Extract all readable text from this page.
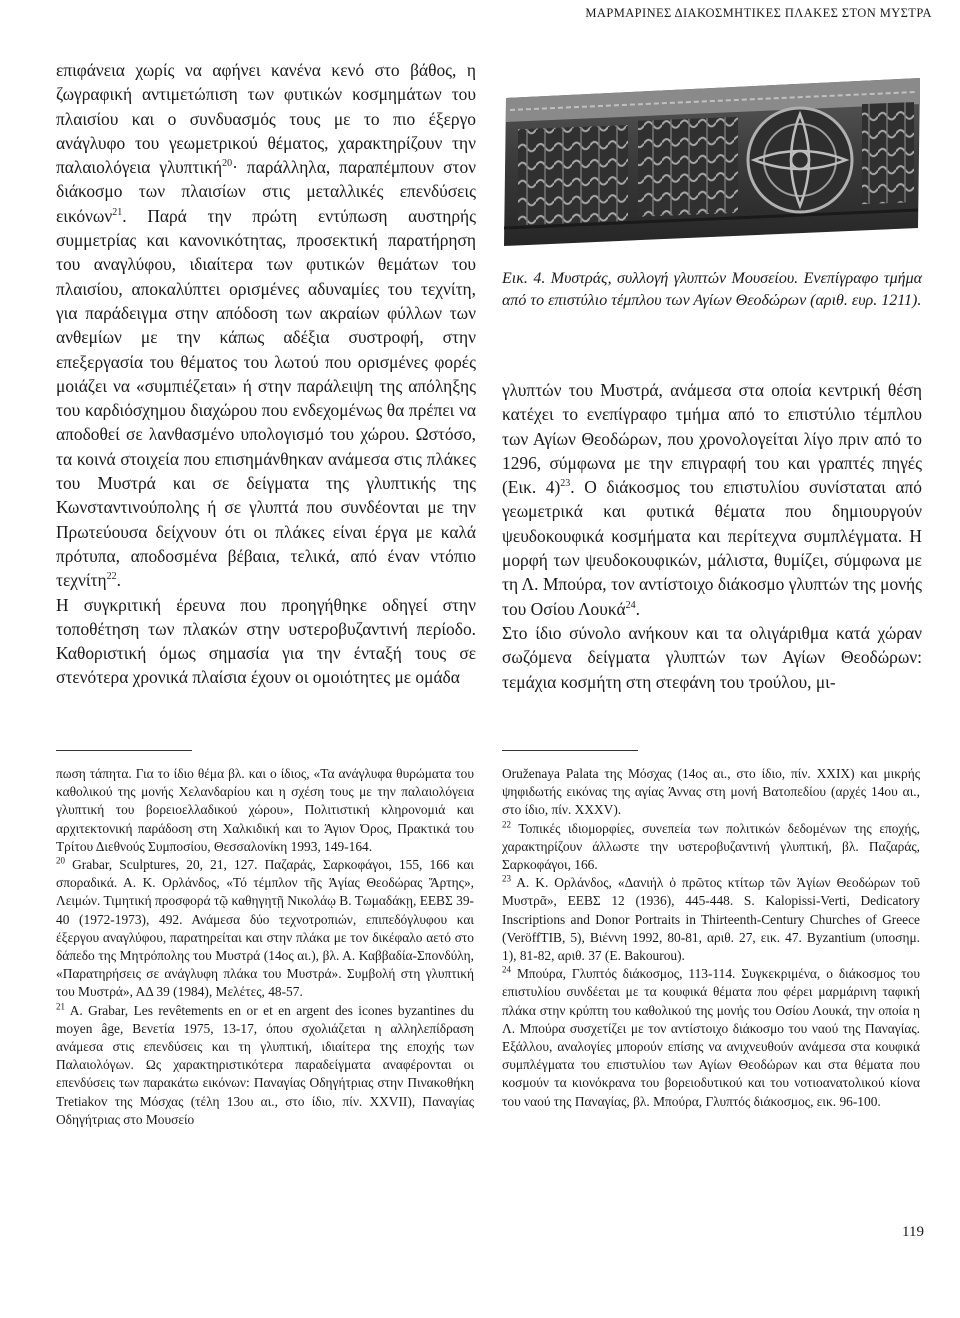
ΜΑΡΜΑΡΙΝΕΣ ΔΙΑΚΟΣΜΗΤΙΚΕΣ ΠΛΑΚΕΣ ΣΤΟΝ ΜΥΣΤΡΑ

επιφάνεια χωρίς να αφήνει κανένα κενό στο βάθος, η ζωγραφική αντιμετώπιση των φυτικών κοσμημάτων του πλαισίου και ο συνδυασμός τους με το πιο έξεργο ανάγλυφο του γεωμετρικού θέματος, χαρακτηρίζουν την παλαιολόγεια γλυπτική$^{20}$· παράλληλα, παραπέμπουν στον διάκοσμο των πλαισίων στις μεταλλικές επενδύσεις εικόνων$^{21}$. Παρά την πρώτη εντύπωση αυστηρής συμμετρίας και κανονικότητας, προσεκτική παρατήρηση του αναγλύφου, ιδιαίτερα των φυτικών θεμάτων του πλαισίου, αποκαλύπτει ορισμένες αδυναμίες του τεχνίτη, για παράδειγμα στην απόδοση των ακραίων φύλλων των ανθεμίων με την κάπως αδέξια συστροφή, στην επεξεργασία του θέματος του λωτού που ορισμένες φορές μοιάζει να «συμπιέζεται» ή στην παράλειψη της απόληξης του καρδιόσχημου διαχώρου που ενδεχομένως θα πρέπει να αποδοθεί σε λανθασμένο υπολογισμό του χώρου. Ωστόσο, τα κοινά στοιχεία που επισημάνθηκαν ανάμεσα στις πλάκες του Μυστρά και σε δείγματα της γλυπτικής της Κωνσταντινούπολης ή σε γλυπτά που συνδέονται με την Πρωτεύουσα δείχνουν ότι οι πλάκες είναι έργα με καλά πρότυπα, αποδοσμένα βέβαια, τελικά, από έναν ντόπιο τεχνίτη$^{22}$.

Η συγκριτική έρευνα που προηγήθηκε οδηγεί στην τοποθέτηση των πλακών στην υστεροβυζαντινή περίοδο. Καθοριστική όμως σημασία για την ένταξή τους σε στενότερα χρονικά πλαίσια έχουν οι ομοιότητες με ομάδα

Εικ. 4. Μυστράς, συλλογή γλυπτών Μουσείου. Ενεπίγραφο τμήμα από το επιστύλιο τέμπλου των Αγίων Θεοδώρων (αριθ. ευρ. 1211).

γλυπτών του Μυστρά, ανάμεσα στα οποία κεντρική θέση κατέχει το ενεπίγραφο τμήμα από το επιστύλιο τέμπλου των Αγίων Θεοδώρων, που χρονολογείται λίγο πριν από το 1296, σύμφωνα με την επιγραφή του και γραπτές πηγές (Εικ. 4)$^{23}$. Ο διάκοσμος του επιστυλίου συνίσταται από γεωμετρικά και φυτικά θέματα που δημιουργούν ψευδοκουφικά κοσμήματα και περίτεχνα συμπλέγματα. Η μορφή των ψευδοκουφικών, μάλιστα, θυμίζει, σύμφωνα με τη Λ. Μπούρα, τον αντίστοιχο διάκοσμο γλυπτών της μονής του Οσίου Λουκά$^{24}$.

Στο ίδιο σύνολο ανήκουν και τα ολιγάριθμα κατά χώραν σωζόμενα δείγματα γλυπτών των Αγίων Θεοδώρων: τεμάχια κοσμήτη στη στεφάνη του τρούλου, μι-

πωση τάπητα. Για το ίδιο θέμα βλ. και ο ίδιος, «Τα ανάγλυφα θυρώματα του καθολικού της μονής Χελανδαρίου και η σχέση τους με την παλαιολόγεια γλυπτική του βορειοελλαδικού χώρου», Πολιτιστική κληρονομιά και αρχιτεκτονική παράδοση στη Χαλκιδική και το Άγιον Όρος, Πρακτικά του Τρίτου Διεθνούς Συμποσίου, Θεσσαλονίκη 1993, 149-164.

$^{20}$ Grabar, Sculptures, 20, 21, 127. Παζαράς, Σαρκοφάγοι, 155, 166 και σποραδικά. Α. Κ. Ορλάνδος, «Τό τέμπλον τῆς Ἁγίας Θεοδώρας Ἄρτης», Λειμών. Τιμητική προσφορά τῷ καθηγητῇ Νικολάῳ Β. Τωμαδάκῃ, ΕΕΒΣ 39-40 (1972-1973), 492. Ανάμεσα δύο τεχνοτροπιών, επιπεδόγλυφου και έξεργου αναγλύφου, παρατηρείται και στην πλάκα με τον δικέφαλο αετό στο δάπεδο της Μητρόπολης του Μυστρά (14ος αι.), βλ. Α. Καββαδία-Σπονδύλη, «Παρατηρήσεις σε ανάγλυφη πλάκα του Μυστρά». Συμβολή στη γλυπτική του Μυστρά», ΑΔ 39 (1984), Μελέτες, 48-57.

$^{21}$ A. Grabar, Les revêtements en or et en argent des icones byzantines du moyen âge, Βενετία 1975, 13-17, όπου σχολιάζεται η αλληλεπίδραση ανάμεσα στις επενδύσεις και τη γλυπτική, ιδιαίτερα της εποχής των Παλαιολόγων. Ως χαρακτηριστικότερα παραδείγματα αναφέρονται οι επενδύσεις των παρακάτω εικόνων: Παναγίας Οδηγήτριας στην Πινακοθήκη Tretiakov της Μόσχας (τέλη 13ου αι., στο ίδιο, πίν. XXVII), Παναγίας Οδηγήτριας στο Μουσείο

Oruženaya Palata της Μόσχας (14ος αι., στο ίδιο, πίν. XXIX) και μικρής ψηφιδωτής εικόνας της αγίας Άννας στη μονή Βατοπεδίου (αρχές 14ου αι., στο ίδιο, πίν. XXXV).

$^{22}$ Τοπικές ιδιομορφίες, συνεπεία των πολιτικών δεδομένων της εποχής, χαρακτηρίζουν άλλωστε την υστεροβυζαντινή γλυπτική, βλ. Παζαράς, Σαρκοφάγοι, 166.

$^{23}$ Α. Κ. Ορλάνδος, «Δανιήλ ὁ πρῶτος κτίτωρ τῶν Ἁγίων Θεοδώρων τοῦ Μυστρᾶ», ΕΕΒΣ 12 (1936), 445-448. S. Kalopissi-Verti, Dedicatory Inscriptions and Donor Portraits in Thirteenth-Century Churches of Greece (VeröffTIB, 5), Βιέννη 1992, 80-81, αριθ. 27, εικ. 47. Byzantium (υποσημ. 1), 81-82, αριθ. 37 (Ε. Bakourou).

$^{24}$ Μπούρα, Γλυπτός διάκοσμος, 113-114. Συγκεκριμένα, ο διάκοσμος του επιστυλίου συνδέεται με τα κουφικά θέματα που φέρει μαρμάρινη ταφική πλάκα στην κρύπτη του καθολικού της μονής του Οσίου Λουκά, την οποία η Λ. Μπούρα συσχετίζει με τον αντίστοιχο διάκοσμο του ναού της Παναγίας. Εξάλλου, αναλογίες μπορούν επίσης να ανιχνευθούν ανάμεσα στα κουφικά συμπλέγματα του επιστυλίου των Αγίων Θεοδώρων και στα θέματα που κοσμούν τα κιονόκρανα του βορειοδυτικού και του νοτιοανατολικού κίονα του ναού της Παναγίας, βλ. Μπούρα, Γλυπτός διάκοσμος, εικ. 96-100.

119
